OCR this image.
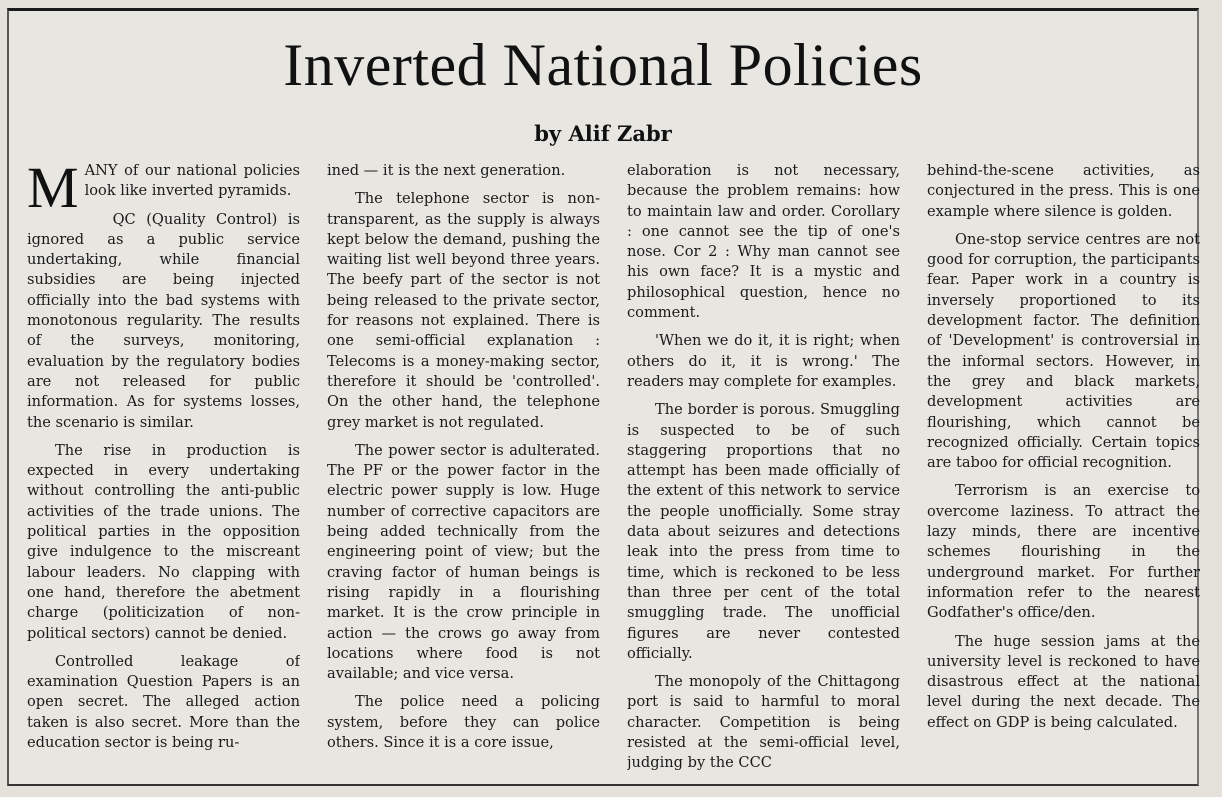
Inverted National Policies
by Alif Zabr

MANY of our national policies look like inverted pyramids.

QC (Quality Control) is ignored as a public service undertaking, while financial subsidies are being injected officially into the bad systems with monotonous regularity. The results of the surveys, monitoring, evaluation by the regulatory bodies are not released for public information. As for systems losses, the scenario is similar.

The rise in production is expected in every undertaking without controlling the anti-public activities of the trade unions. The political parties in the opposition give indulgence to the miscreant labour leaders. No clapping with one hand, therefore the abetment charge (politicization of non-political sectors) cannot be denied.

Controlled leakage of examination Question Papers is an open secret. The alleged action taken is also secret. More than the education sector is being ru-

ined — it is the next generation.

The telephone sector is non-transparent, as the supply is always kept below the demand, pushing the waiting list well beyond three years. The beefy part of the sector is not being released to the private sector, for reasons not explained. There is one semi-official explanation : Telecoms is a money-making sector, therefore it should be 'controlled'. On the other hand, the telephone grey market is not regulated.

The power sector is adulterated. The PF or the power factor in the electric power supply is low. Huge number of corrective capacitors are being added technically from the engineering point of view; but the craving factor of human beings is rising rapidly in a flourishing market. It is the crow principle in action — the crows go away from locations where food is not available; and vice versa.

The police need a policing system, before they can police others. Since it is a core issue,

elaboration is not necessary, because the problem remains: how to maintain law and order. Corollary : one cannot see the tip of one's nose. Cor 2 : Why man cannot see his own face? It is a mystic and philosophical question, hence no comment.

'When we do it, it is right; when others do it, it is wrong.' The readers may complete for examples.

The border is porous. Smuggling is suspected to be of such staggering proportions that no attempt has been made officially of the extent of this network to service the people unofficially. Some stray data about seizures and detections leak into the press from time to time, which is reckoned to be less than three per cent of the total smuggling trade. The unofficial figures are never contested officially.

The monopoly of the Chittagong port is said to harmful to moral character. Competition is being resisted at the semi-official level, judging by the CCC

behind-the-scene activities, as conjectured in the press. This is one example where silence is golden.

One-stop service centres are not good for corruption, the participants fear. Paper work in a country is inversely proportioned to its development factor. The definition of 'Development' is controversial in the informal sectors. However, in the grey and black markets, development activities are flourishing, which cannot be recognized officially. Certain topics are taboo for official recognition.

Terrorism is an exercise to overcome laziness. To attract the lazy minds, there are incentive schemes flourishing in the underground market. For further information refer to the nearest Godfather's office/den.

The huge session jams at the university level is reckoned to have disastrous effect at the national level during the next decade. The effect on GDP is being calculated.
